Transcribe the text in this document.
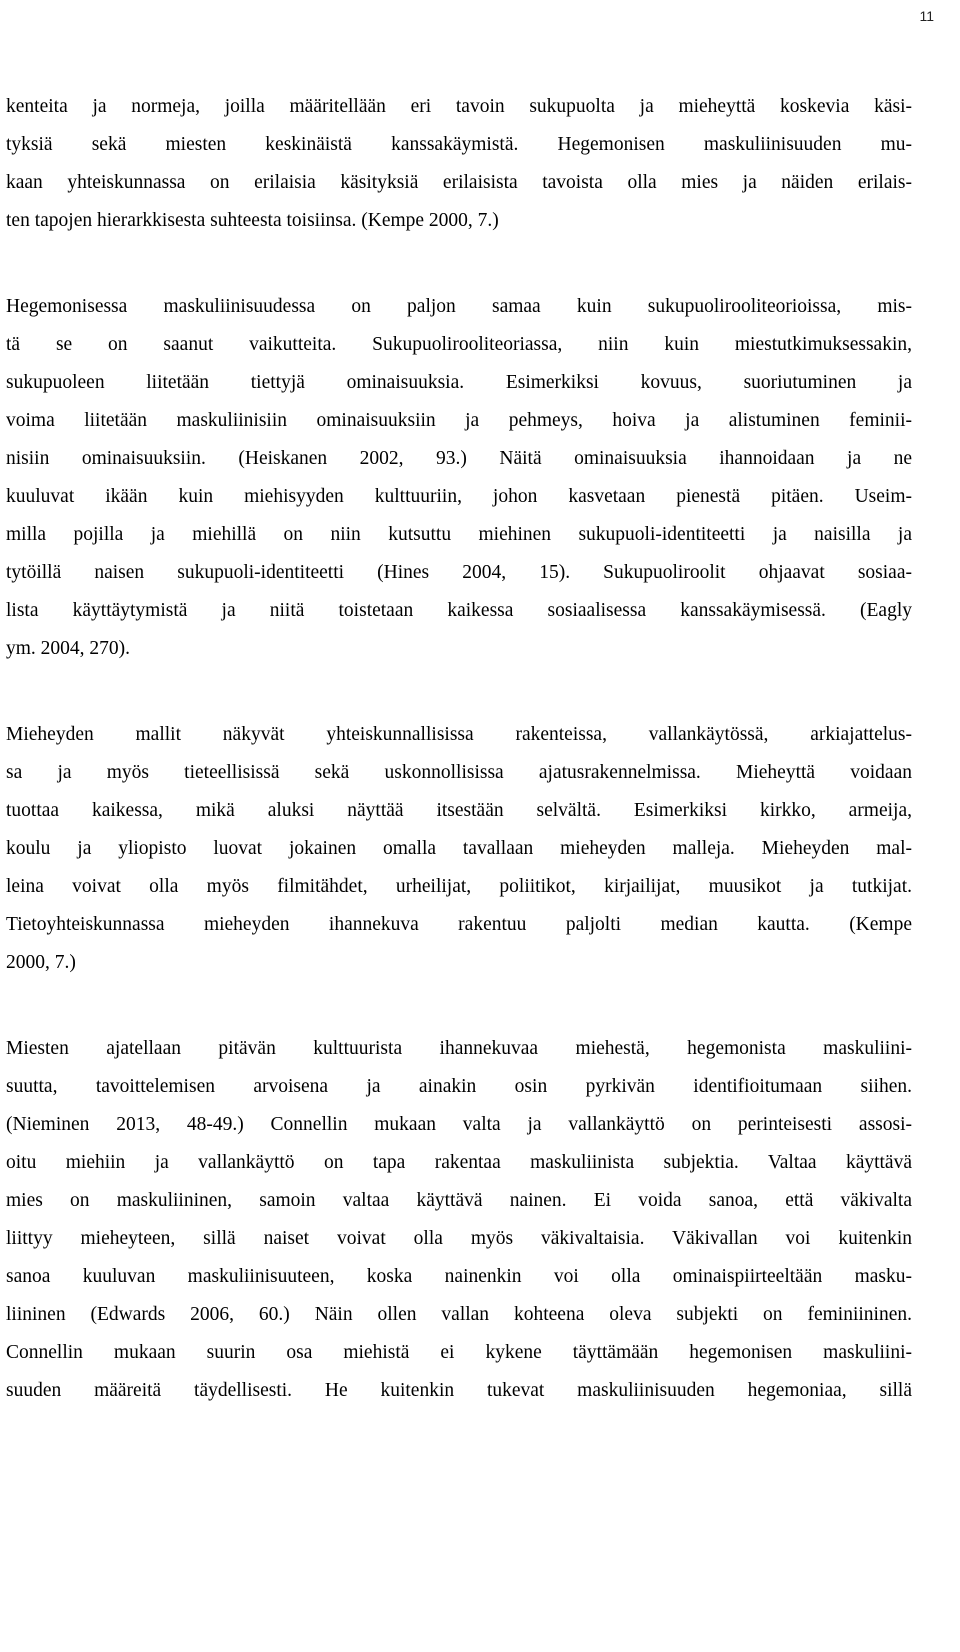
11
kenteita ja normeja, joilla määritellään eri tavoin sukupuolta ja mieheyttä koskevia käsi-
tyksiä sekä miesten keskinäistä kanssakäymistä. Hegemonisen maskuliinisuuden mu-
kaan yhteiskunnassa on erilaisia käsityksiä erilaisista tavoista olla mies ja näiden erilais-
ten tapojen hierarkkisesta suhteesta toisiinsa. (Kempe 2000, 7.)
Hegemonisessa maskuliinisuudessa on paljon samaa kuin sukupuolirooliteorioissa, mis-
tä se on saanut vaikutteita. Sukupuolirooliteoriassa, niin kuin miestutkimuksessakin,
sukupuoleen liitetään tiettyjä ominaisuuksia. Esimerkiksi kovuus, suoriutuminen ja
voima liitetään maskuliinisiin ominaisuuksiin ja pehmeys, hoiva ja alistuminen feminii-
nisiin ominaisuuksiin. (Heiskanen 2002, 93.) Näitä ominaisuuksia ihannoidaan ja ne
kuuluvat ikään kuin miehisyyden kulttuuriin, johon kasvetaan pienestä pitäen. Useim-
milla pojilla ja miehillä on niin kutsuttu miehinen sukupuoli-identiteetti ja naisilla ja
tytöillä naisen sukupuoli-identiteetti (Hines 2004, 15). Sukupuoliroolit ohjaavat sosiaa-
lista käyttäytymistä ja niitä toistetaan kaikessa sosiaalisessa kanssakäymisessä. (Eagly
ym. 2004, 270).
Mieheyden mallit näkyvät yhteiskunnallisissa rakenteissa, vallankäytössä, arkiajattelus-
sa ja myös tieteellisissä sekä uskonnollisissa ajatusrakennelmissa. Mieheyttä voidaan
tuottaa kaikessa, mikä aluksi näyttää itsestään selvältä. Esimerkiksi kirkko, armeija,
koulu ja yliopisto luovat jokainen omalla tavallaan mieheyden malleja. Mieheyden mal-
leina voivat olla myös filmitähdet, urheilijat, poliitikot, kirjailijat, muusikot ja tutkijat.
Tietoyhteiskunnassa mieheyden ihannekuva rakentuu paljolti median kautta. (Kempe
2000, 7.)
Miesten ajatellaan pitävän kulttuurista ihannekuvaa miehestä, hegemonista maskuliini-
suutta, tavoittelemisen arvoisena ja ainakin osin pyrkivän identifioitumaan siihen.
(Nieminen 2013, 48-49.) Connellin mukaan valta ja vallankäyttö on perinteisesti assosi-
oitu miehiin ja vallankäyttö on tapa rakentaa maskuliinista subjektia. Valtaa käyttävä
mies on maskuliininen, samoin valtaa käyttävä nainen. Ei voida sanoa, että väkivalta
liittyy mieheyteen, sillä naiset voivat olla myös väkivaltaisia. Väkivallan voi kuitenkin
sanoa kuuluvan maskuliinisuuteen, koska nainenkin voi olla ominaispiirteeltään masku-
liininen (Edwards 2006, 60.) Näin ollen vallan kohteena oleva subjekti on feminiininen.
Connellin mukaan suurin osa miehistä ei kykene täyttämään hegemonisen maskuliini-
suuden määreitä täydellisesti. He kuitenkin tukevat maskuliinisuuden hegemoniaa, sillä
